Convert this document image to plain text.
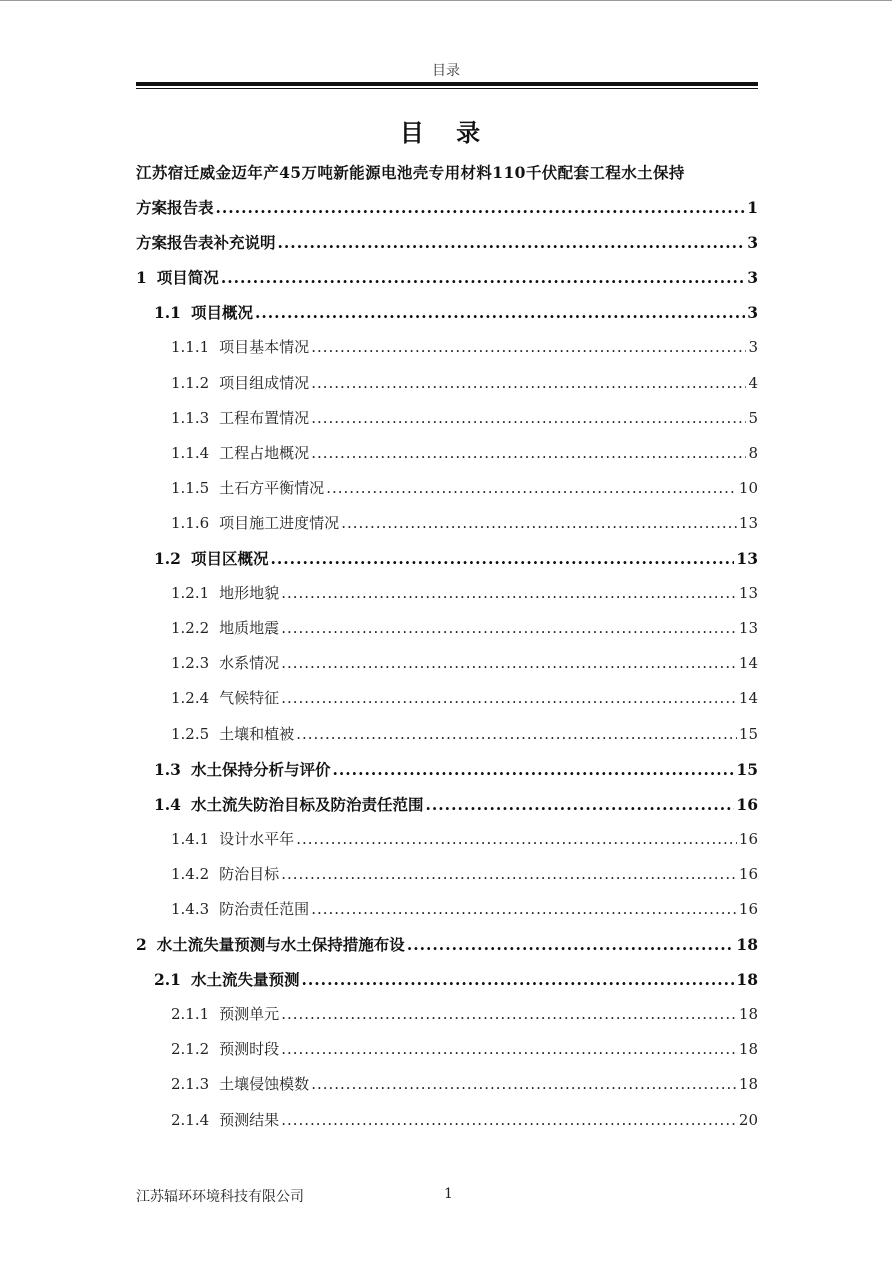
目录
目 录
江苏宿迁威金迈年产45万吨新能源电池壳专用材料110千伏配套工程水土保持
方案报告表 .....	1
方案报告表补充说明 .....	3
1 项目简况 .....	3
1.1 项目概况 .....	3
1.1.1 项目基本情况 .....	3
1.1.2 项目组成情况 .....	4
1.1.3 工程布置情况 .....	5
1.1.4 工程占地概况 .....	8
1.1.5 土石方平衡情况 .....	10
1.1.6 项目施工进度情况 .....	13
1.2 项目区概况 .....	13
1.2.1 地形地貌 .....	13
1.2.2 地质地震 .....	13
1.2.3 水系情况 .....	14
1.2.4 气候特征 .....	14
1.2.5 土壤和植被 .....	15
1.3 水土保持分析与评价 .....	15
1.4 水土流失防治目标及防治责任范围 .....	16
1.4.1 设计水平年 .....	16
1.4.2 防治目标 .....	16
1.4.3 防治责任范围 .....	16
2 水土流失量预测与水土保持措施布设 .....	18
2.1 水土流失量预测 .....	18
2.1.1 预测单元 .....	18
2.1.2 预测时段 .....	18
2.1.3 土壤侵蚀模数 .....	18
2.1.4 预测结果 .....	20
江苏辐环环境科技有限公司	1
